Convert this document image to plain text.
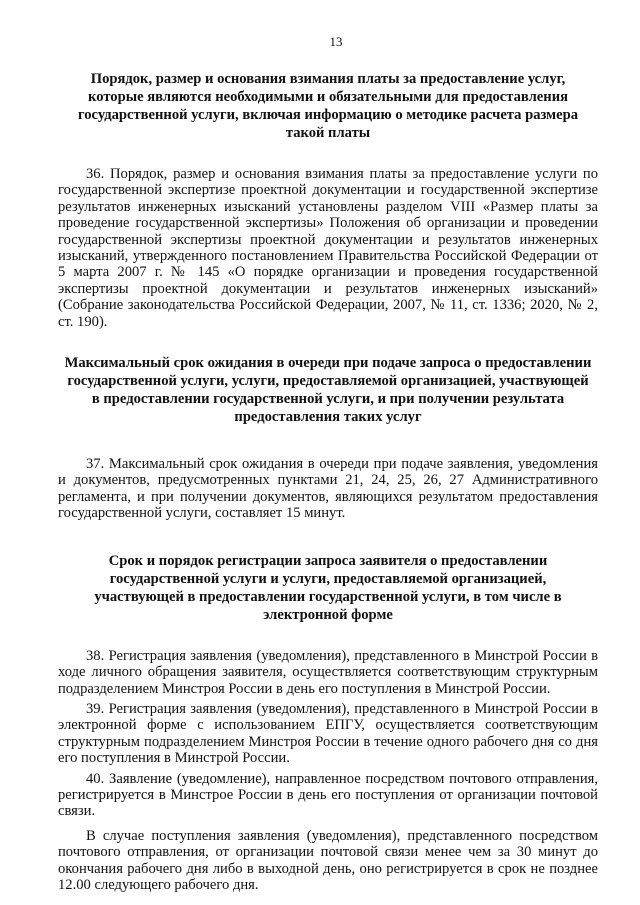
13
Порядок, размер и основания взимания платы за предоставление услуг, которые являются необходимыми и обязательными для предоставления государственной услуги, включая информацию о методике расчета размера такой платы

36. Порядок, размер и основания взимания платы за предоставление услуги по государственной экспертизе проектной документации и государственной экспертизе результатов инженерных изысканий установлены разделом VIII «Размер платы за проведение государственной экспертизы» Положения об организации и проведении государственной экспертизы проектной документации и результатов инженерных изысканий, утвержденного постановлением Правительства Российской Федерации от 5 марта 2007 г. № 145 «О порядке организации и проведения государственной экспертизы проектной документации и результатов инженерных изысканий» (Собрание законодательства Российской Федерации, 2007, № 11, ст. 1336; 2020, № 2, ст. 190).

Максимальный срок ожидания в очереди при подаче запроса о предоставлении государственной услуги, услуги, предоставляемой организацией, участвующей в предоставлении государственной услуги, и при получении результата предоставления таких услуг

37. Максимальный срок ожидания в очереди при подаче заявления, уведомления и документов, предусмотренных пунктами 21, 24, 25, 26, 27 Административного регламента, и при получении документов, являющихся результатом предоставления государственной услуги, составляет 15 минут.

Срок и порядок регистрации запроса заявителя о предоставлении государственной услуги и услуги, предоставляемой организацией, участвующей в предоставлении государственной услуги, в том числе в электронной форме

38. Регистрация заявления (уведомления), представленного в Минстрой России в ходе личного обращения заявителя, осуществляется соответствующим структурным подразделением Минстроя России в день его поступления в Минстрой России.

39. Регистрация заявления (уведомления), представленного в Минстрой России в электронной форме с использованием ЕПГУ, осуществляется соответствующим структурным подразделением Минстроя России в течение одного рабочего дня со дня его поступления в Минстрой России.

40. Заявление (уведомление), направленное посредством почтового отправления, регистрируется в Минстрое России в день его поступления от организации почтовой связи.

В случае поступления заявления (уведомления), представленного посредством почтового отправления, от организации почтовой связи менее чем за 30 минут до окончания рабочего дня либо в выходной день, оно регистрируется в срок не позднее 12.00 следующего рабочего дня.
